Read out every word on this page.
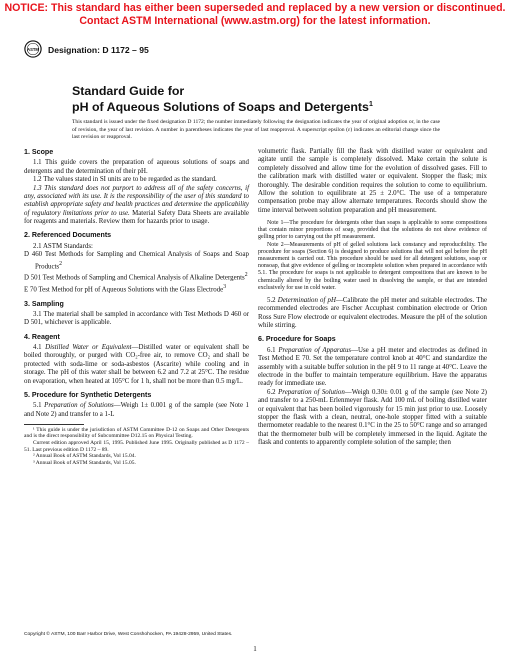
NOTICE: This standard has either been superseded and replaced by a new version or discontinued.
Contact ASTM International (www.astm.org) for the latest information.
ASTM Designation: D 1172 – 95
Standard Guide for
pH of Aqueous Solutions of Soaps and Detergents$^1$
This standard is issued under the fixed designation D 1172; the number immediately following the designation indicates the year of original adoption or, in the case of revision, the year of last revision. A number in parentheses indicates the year of last reapproval. A superscript epsilon (ε) indicates an editorial change since the last revision or reapproval.
1. Scope

1.1 This guide covers the preparation of aqueous solutions of soaps and detergents and the determination of their pH.

1.2 The values stated in SI units are to be regarded as the standard.

1.3 This standard does not purport to address all of the safety concerns, if any, associated with its use. It is the responsibility of the user of this standard to establish appropriate safety and health practices and determine the applicability of regulatory limitations prior to use. Material Safety Data Sheets are available for reagents and materials. Review them for hazards prior to usage.

2. Referenced Documents

2.1 ASTM Standards:

D 460 Test Methods for Sampling and Chemical Analysis of Soaps and Soap Products$^2$

D 501 Test Methods of Sampling and Chemical Analysis of Alkaline Detergents$^2$

E 70 Test Method for pH of Aqueous Solutions with the Glass Electrode$^3$

3. Sampling

3.1 The material shall be sampled in accordance with Test Methods D 460 or D 501, whichever is applicable.

4. Reagent

4.1 Distilled Water or Equivalent—Distilled water or equivalent shall be boiled thoroughly, or purged with CO₂-free air, to remove CO₂ and shall be protected with soda-lime or soda-asbestos (Ascarite) while cooling and in storage. The pH of this water shall be between 6.2 and 7.2 at 25°C. The residue on evaporation, when heated at 105°C for 1 h, shall not be more than 0.5 mg/L.

5. Procedure for Synthetic Detergents

5.1 Preparation of Solutions—Weigh 1± 0.001 g of the sample (see Note 1 and Note 2) and transfer to a 1-L

¹ This guide is under the jurisdiction of ASTM Committee D-12 on Soaps and Other Detergents and is the direct responsibility of Subcommittee D12.15 on Physical Testing.

Current edition approved April 15, 1995. Published June 1995. Originally published as D 1172 – 51. Last previous edition D 1172 – 89.

² Annual Book of ASTM Standards, Vol 15.04.

³ Annual Book of ASTM Standards, Vol 15.05.

volumetric flask. Partially fill the flask with distilled water or equivalent and agitate until the sample is completely dissolved. Make certain the solute is completely dissolved and allow time for the evolution of dissolved gases. Fill to the calibration mark with distilled water or equivalent. Stopper the flask; mix thoroughly. The desirable condition requires the solution to come to equilibrium. Allow the solution to equilibrate at 25 ± 2.0°C. The use of a temperature compensation probe may allow alternate temperatures. Records should show the time interval between solution preparation and pH measurement.

Note 1—The procedure for detergents other than soaps is applicable to some compositions that contain minor proportions of soap, provided that the solutions do not show evidence of gelling prior to carrying out the pH measurement.

Note 2—Measurements of pH of gelled solutions lack constancy and reproducibility. The procedure for soaps (Section 6) is designed to produce solutions that will not gel before the pH measurement is carried out. This procedure should be used for all detergent solutions, soap or nonsoap, that give evidence of gelling or incomplete solution when prepared in accordance with 5.1. The procedure for soaps is not applicable to detergent compositions that are known to be chemically altered by the boiling water used in dissolving the sample, or that are intended exclusively for use in cold water.

5.2 Determination of pH—Calibrate the pH meter and suitable electrodes. The recommended electrodes are Fischer Accuphast combination electrode or Orion Ross Sure Flow electrode or equivalent electrodes. Measure the pH of the solution while stirring.

6. Procedure for Soaps

6.1 Preparation of Apparatus—Use a pH meter and electrodes as defined in Test Method E 70. Set the temperature control knob at 40°C and standardize the assembly with a suitable buffer solution in the pH 9 to 11 range at 40°C. Leave the electrode in the buffer to maintain temperature equilibrium. Have the apparatus ready for immediate use.

6.2 Preparation of Solution—Weigh 0.30± 0.01 g of the sample (see Note 2) and transfer to a 250-mL Erlenmeyer flask. Add 100 mL of boiling distilled water or equivalent that has been boiled vigorously for 15 min just prior to use. Loosely stopper the flask with a clean, neutral, one-hole stopper fitted with a suitable thermometer readable to the nearest 0.1°C in the 25 to 50°C range and so arranged that the thermometer bulb will be completely immersed in the liquid. Agitate the flask and contents to apparently complete solution of the sample; then

Copyright © ASTM, 100 Barr Harbor Drive, West Conshohocken, PA 19428-2959, United States.
1
